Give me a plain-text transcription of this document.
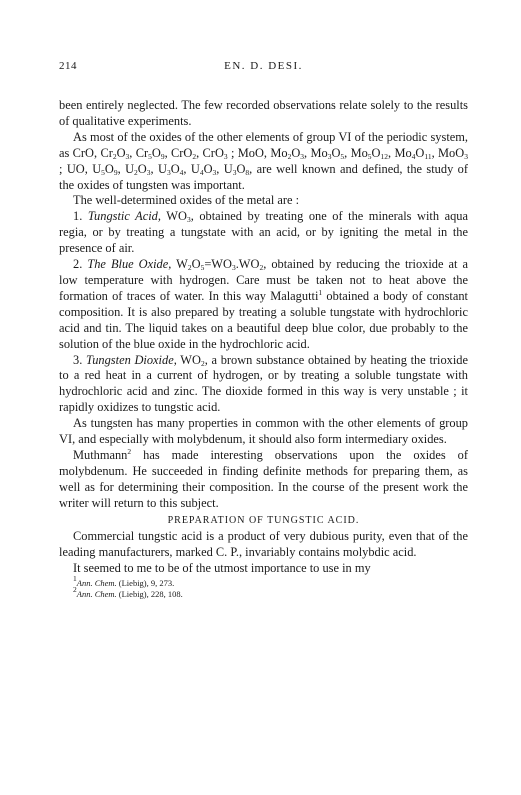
214	EN. D. DESI.

been entirely neglected. The few recorded observations relate solely to the results of qualitative experiments.

As most of the oxides of the other elements of group VI of the periodic system, as CrO, $Cr_2O_3$, $Cr_5O_9$, CrO$_2$, CrO$_3$ ; MoO, $Mo_2O_3$, $Mo_3O_5$, $Mo_5O_{12}$, $Mo_4O_{11}$, MoO$_3$ ; UO, $U_5O_9$, $U_2O_3$, $U_3O_4$, $U_4O_3$, $U_3O_8$, are well known and defined, the study of the oxides of tungsten was important.

The well-determined oxides of the metal are :

1. Tungstic Acid, $WO_3$, obtained by treating one of the minerals with aqua regia, or by treating a tungstate with an acid, or by igniting the metal in the presence of air.

2. The Blue Oxide, $W_2O_5=WO_3.WO_2$, obtained by reducing the trioxide at a low temperature with hydrogen. Care must be taken not to heat above the formation of traces of water. In this way Malagutti$^1$ obtained a body of constant composition. It is also prepared by treating a soluble tungstate with hydrochloric acid and tin. The liquid takes on a beautiful deep blue color, due probably to the solution of the blue oxide in the hydrochloric acid.

3. Tungsten Dioxide, $WO_2$, a brown substance obtained by heating the trioxide to a red heat in a current of hydrogen, or by treating a soluble tungstate with hydrochloric acid and zinc. The dioxide formed in this way is very unstable ; it rapidly oxidizes to tungstic acid.

As tungsten has many properties in common with the other elements of group VI, and especially with molybdenum, it should also form intermediary oxides.

Muthmann$^2$ has made interesting observations upon the oxides of molybdenum. He succeeded in finding definite methods for preparing them, as well as for determining their composition. In the course of the present work the writer will return to this subject.

PREPARATION OF TUNGSTIC ACID.

Commercial tungstic acid is a product of very dubious purity, even that of the leading manufacturers, marked C. P., invariably contains molybdic acid.

It seemed to me to be of the utmost importance to use in my

$^1$Ann. Chem. (Liebig), 9, 273.
$^2$Ann. Chem. (Liebig), 228, 108.
